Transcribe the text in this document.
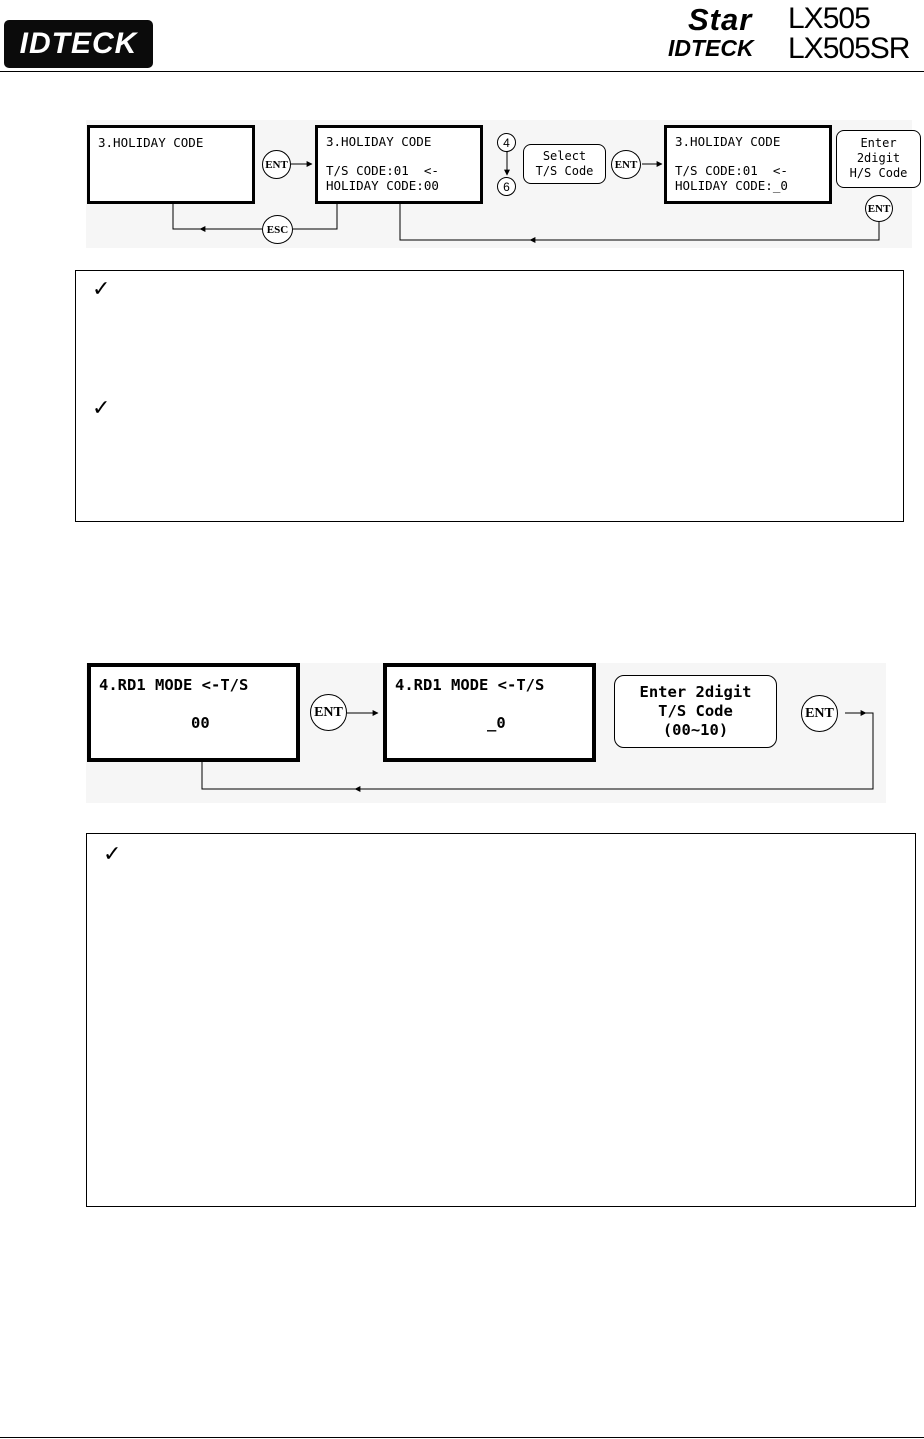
IDTECK
Star
IDTECK
LX505
LX505SR

3.HOLIDAY CODE

	3.HOLIDAY CODE

T/S CODE:01  <-

HOLIDAY CODE:00

3.HOLIDAY CODE

T/S CODE:01  <-

HOLIDAY CODE:_0

ENT
ESC
4
6
Select
T/S Code	ENT
Enter
2digit
H/S Code
ENT
✓
✓

4.RD1 MODE <-T/S

00

4.RD1 MODE <-T/S

_0

ENT
Enter 2digit
T/S Code
(00~10)
ENT
✓
